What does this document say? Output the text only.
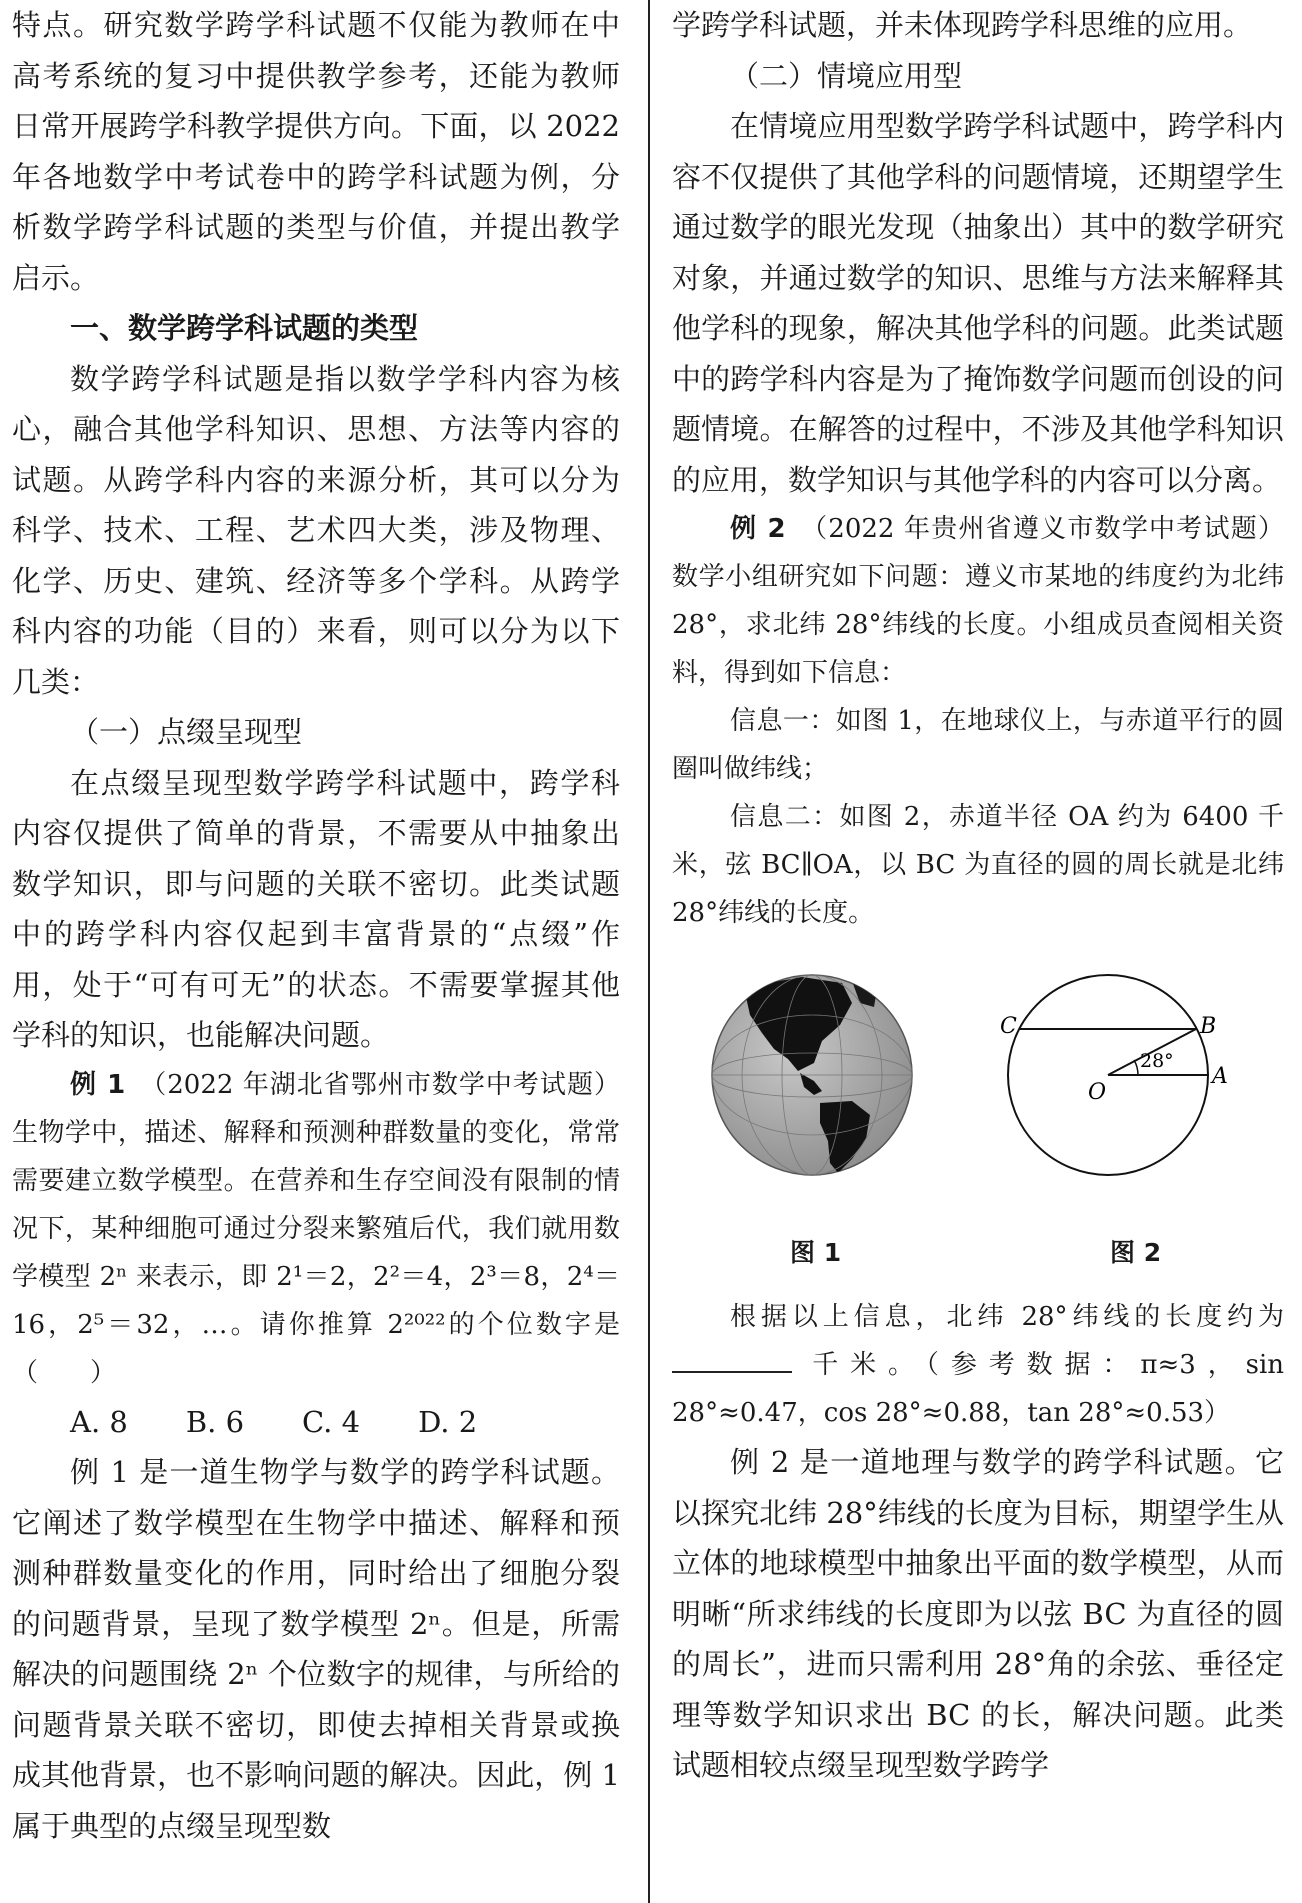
特点。研究数学跨学科试题不仅能为教师在中高考系统的复习中提供教学参考，还能为教师日常开展跨学科教学提供方向。下面，以 2022 年各地数学中考试卷中的跨学科试题为例，分析数学跨学科试题的类型与价值，并提出教学启示。

一、数学跨学科试题的类型

数学跨学科试题是指以数学学科内容为核心，融合其他学科知识、思想、方法等内容的试题。从跨学科内容的来源分析，其可以分为科学、技术、工程、艺术四大类，涉及物理、化学、历史、建筑、经济等多个学科。从跨学科内容的功能（目的）来看，则可以分为以下几类：

（一）点缀呈现型

在点缀呈现型数学跨学科试题中，跨学科内容仅提供了简单的背景，不需要从中抽象出数学知识，即与问题的关联不密切。此类试题中的跨学科内容仅起到丰富背景的“点缀”作用，处于“可有可无”的状态。不需要掌握其他学科的知识，也能解决问题。

例 1　 （2022 年湖北省鄂州市数学中考试题）生物学中，描述、解释和预测种群数量的变化，常常需要建立数学模型。在营养和生存空间没有限制的情况下，某种细胞可通过分裂来繁殖后代，我们就用数学模型 2ⁿ 来表示，即 2¹＝2，2²＝4，2³＝8，2⁴＝16，2⁵＝32，…。请你推算 2²⁰²²的个位数字是　　（　　）

A. 8　　B. 6　　C. 4　　D. 2

例 1 是一道生物学与数学的跨学科试题。它阐述了数学模型在生物学中描述、解释和预测种群数量变化的作用，同时给出了细胞分裂的问题背景，呈现了数学模型 2ⁿ。但是，所需解决的问题围绕 2ⁿ 个位数字的规律，与所给的问题背景关联不密切，即使去掉相关背景或换成其他背景，也不影响问题的解决。因此，例 1 属于典型的点缀呈现型数

学跨学科试题，并未体现跨学科思维的应用。

（二）情境应用型

在情境应用型数学跨学科试题中，跨学科内容不仅提供了其他学科的问题情境，还期望学生通过数学的眼光发现（抽象出）其中的数学研究对象，并通过数学的知识、思维与方法来解释其他学科的现象，解决其他学科的问题。此类试题中的跨学科内容是为了掩饰数学问题而创设的问题情境。在解答的过程中，不涉及其他学科知识的应用，数学知识与其他学科的内容可以分离。

例 2　 （2022 年贵州省遵义市数学中考试题）数学小组研究如下问题：遵义市某地的纬度约为北纬 28°，求北纬 28°纬线的长度。小组成员查阅相关资料，得到如下信息：

信息一：如图 1，在地球仪上，与赤道平行的圆圈叫做纬线；

信息二：如图 2，赤道半径 OA 约为 6400 千米，弦 BC∥OA，以 BC 为直径的圆的周长就是北纬 28°纬线的长度。

C	B
O
A
28°
图 1	图 2

根据以上信息，北纬 28°纬线的长度约为  千米。（参考数据：π≈3，sin 28°≈0.47，cos 28°≈0.88，tan 28°≈0.53）

例 2 是一道地理与数学的跨学科试题。它以探究北纬 28°纬线的长度为目标，期望学生从立体的地球模型中抽象出平面的数学模型，从而明晰“所求纬线的长度即为以弦 BC 为直径的圆的周长”，进而只需利用 28°角的余弦、垂径定理等数学知识求出 BC 的长，解决问题。此类试题相较点缀呈现型数学跨学
